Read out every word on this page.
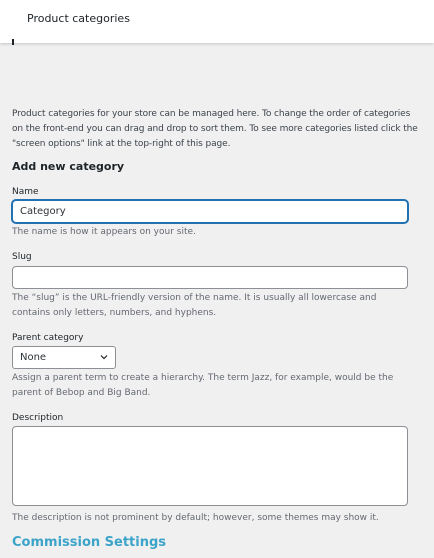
Product categories

Product categories for your store can be managed here. To change the order of categories on the front-end you can drag and drop to sort them. To see more categories listed click the "screen options" link at the top-right of this page.

Add new category
Name
Category

The name is how it appears on your site.

Slug

The “slug” is the URL-friendly version of the name. It is usually all lowercase and contains only letters, numbers, and hyphens.

Parent category
None

Assign a parent term to create a hierarchy. The term Jazz, for example, would be the parent of Bebop and Big Band.

Description

The description is not prominent by default; however, some themes may show it.

Commission Settings
